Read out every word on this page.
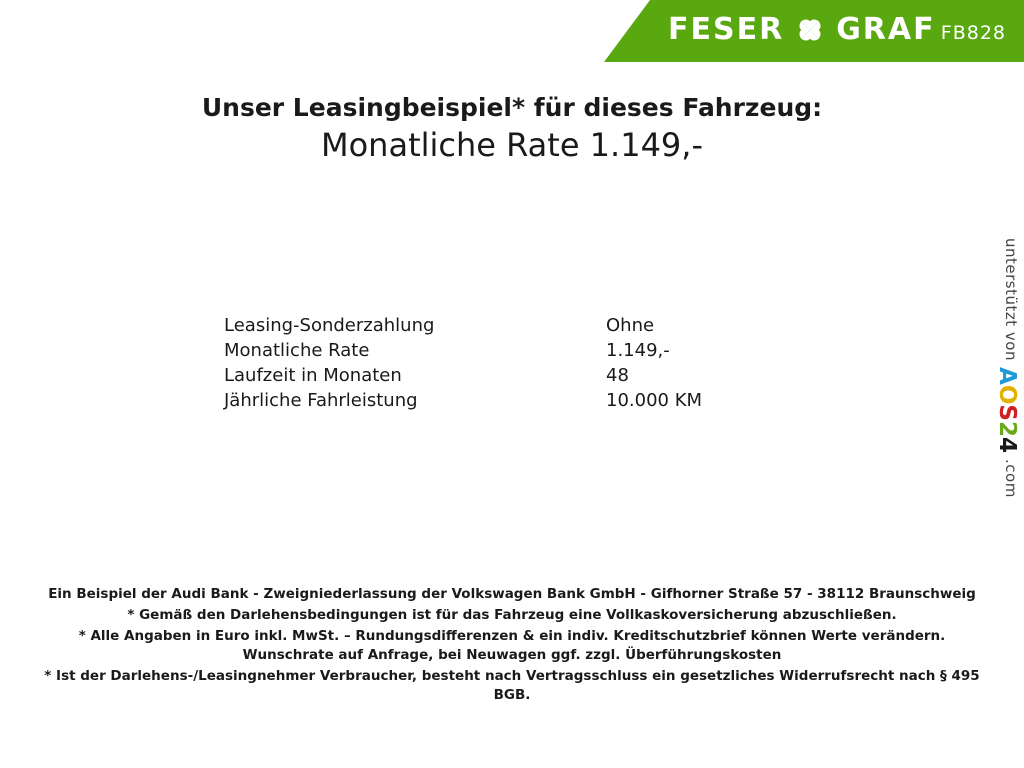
FESER GRAF FB828
Unser Leasingbeispiel* für dieses Fahrzeug:
Monatliche Rate 1.149,-
Leasing-Sonderzahlung	Ohne
Monatliche Rate	1.149,-
Laufzeit in Monaten	48
Jährliche Fahrleistung	10.000 KM
unterstützt von
AOS24
.com

Ein Beispiel der Audi Bank - Zweigniederlassung der Volkswagen Bank GmbH - Gifhorner Straße 57 - 38112 Braunschweig

* Gemäß den Darlehensbedingungen ist für das Fahrzeug eine Vollkaskoversicherung abzuschließen.

* Alle Angaben in Euro inkl. MwSt. – Rundungsdifferenzen & ein indiv. Kreditschutzbrief können Werte verändern. Wunschrate auf Anfrage, bei Neuwagen ggf. zzgl. Überführungskosten

* Ist der Darlehens-/Leasingnehmer Verbraucher, besteht nach Vertragsschluss ein gesetzliches Widerrufsrecht nach § 495 BGB.
